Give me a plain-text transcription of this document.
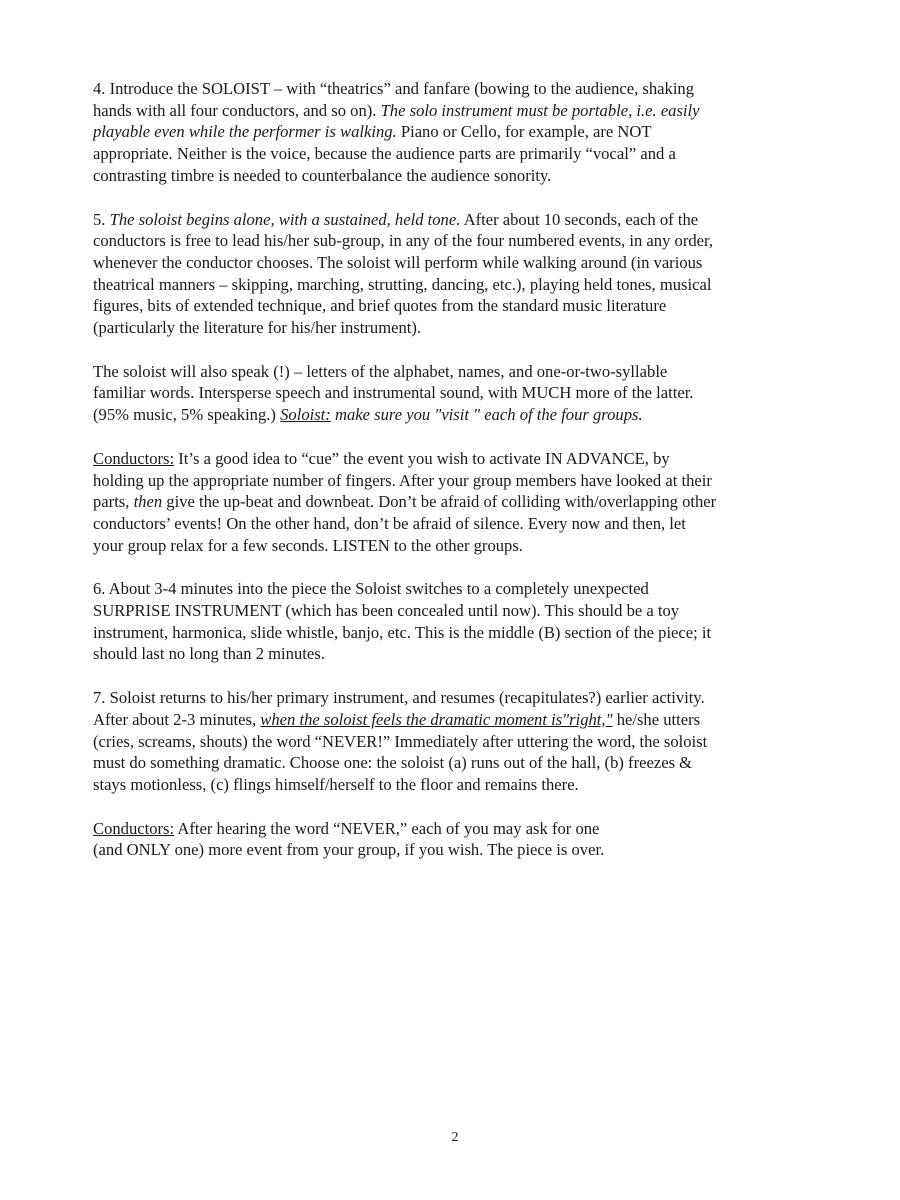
4. Introduce the SOLOIST – with “theatrics” and fanfare (bowing to the audience, shaking
hands with all four conductors, and so on). The solo instrument must be portable, i.e. easily
playable even while the performer is walking. Piano or Cello, for example, are NOT
appropriate. Neither is the voice, because the audience parts are primarily “vocal” and a
contrasting timbre is needed to counterbalance the audience sonority.

5. The soloist begins alone, with a sustained, held tone. After about 10 seconds, each of the
conductors is free to lead his/her sub-group, in any of the four numbered events, in any order,
whenever the conductor chooses. The soloist will perform while walking around (in various
theatrical manners – skipping, marching, strutting, dancing, etc.), playing held tones, musical
figures, bits of extended technique, and brief quotes from the standard music literature
(particularly the literature for his/her instrument).

The soloist will also speak (!) – letters of the alphabet, names, and one-or-two-syllable
familiar words. Intersperse speech and instrumental sound, with MUCH more of the latter.
(95% music, 5% speaking.) Soloist: make sure you "visit " each of the four groups.

Conductors: It’s a good idea to “cue” the event you wish to activate IN ADVANCE, by
holding up the appropriate number of fingers. After your group members have looked at their
parts, then give the up-beat and downbeat. Don’t be afraid of colliding with/overlapping other
conductors’ events! On the other hand, don’t be afraid of silence. Every now and then, let
your group relax for a few seconds. LISTEN to the other groups.

6. About 3-4 minutes into the piece the Soloist switches to a completely unexpected
SURPRISE INSTRUMENT (which has been concealed until now). This should be a toy
instrument, harmonica, slide whistle, banjo, etc. This is the middle (B) section of the piece; it
should last no long than 2 minutes.

7. Soloist returns to his/her primary instrument, and resumes (recapitulates?) earlier activity.
After about 2-3 minutes, when the soloist feels the dramatic moment is"right," he/she utters
(cries, screams, shouts) the word “NEVER!” Immediately after uttering the word, the soloist
must do something dramatic. Choose one: the soloist (a) runs out of the hall, (b) freezes &
stays motionless, (c) flings himself/herself to the floor and remains there.

Conductors: After hearing the word “NEVER,” each of you may ask for one
(and ONLY one) more event from your group, if you wish. The piece is over.

2
